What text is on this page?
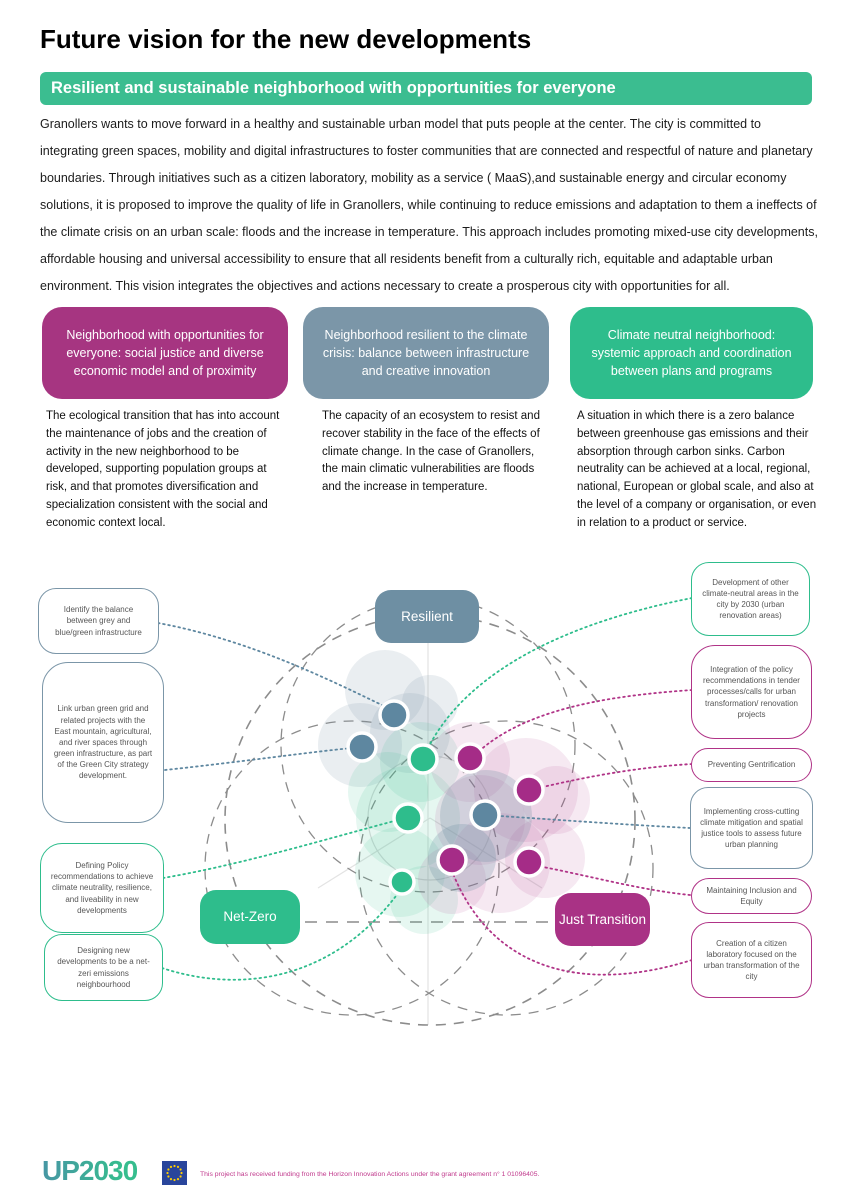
Future vision for the new developments
Resilient and sustainable neighborhood with opportunities for everyone
Granollers wants to move forward in a healthy and sustainable urban model that puts people at the center. The city is committed to integrating green spaces, mobility and digital infrastructures to foster communities that are connected and respectful of nature and planetary boundaries. Through initiatives such as a citizen laboratory, mobility as a service ( MaaS),and sustainable energy and circular economy solutions, it is proposed to improve the quality of life in Granollers, while continuing to reduce emissions and adaptation to them a ineffects of the climate crisis on an urban scale: floods and the increase in temperature. This approach includes promoting mixed-use city developments, affordable housing and universal accessibility to ensure that all residents benefit from a culturally rich, equitable and adaptable urban environment. This vision integrates the objectives and actions necessary to create a prosperous city with opportunities for all.
Neighborhood with opportunities for everyone: social justice and diverse economic model and of proximity
Neighborhood resilient to the climate crisis: balance between infrastructure and creative innovation
Climate neutral neighborhood: systemic approach and coordination between plans and programs
The ecological transition that has into account the maintenance of jobs and the creation of activity in the new neighborhood to be developed, supporting population groups at risk, and that promotes diversification and specialization consistent with the social and economic context local.
The capacity of an ecosystem to resist and recover stability in the face of the effects of climate change. In the case of Granollers, the main climatic vulnerabilities are floods and the increase in temperature.
A situation in which there is a zero balance between greenhouse gas emissions and their absorption through carbon sinks. Carbon neutrality can be achieved at a local, regional, national, European or global scale, and also at the level of a company or organisation, or even in relation to a product or service.
Resilient
Net-Zero	Just Transition
Identify the balance between grey and blue/green infrastructure
Link urban green grid and related projects with the East mountain, agricultural, and river spaces through green infrastructure, as part of the Green City strategy development.
Defining Policy recommendations to achieve climate neutrality, resilience, and liveability in new developments
Designing new developments to be a net-zeri emissions neighbourhood
Development of other climate-neutral areas in the city by 2030 (urban renovation areas)
Integration of the policy recommendations in tender processes/calls for urban transformation/ renovation projects
Preventing Gentrification
Implementing cross-cutting climate mitigation and spatial justice tools to assess future urban planning
Maintaining Inclusion and Equity
Creation of a citizen laboratory focused on the urban transformation of the city
UP2030	This project has received funding from the Horizon Innovation Actions under the grant agreement n° 1 01096405.
